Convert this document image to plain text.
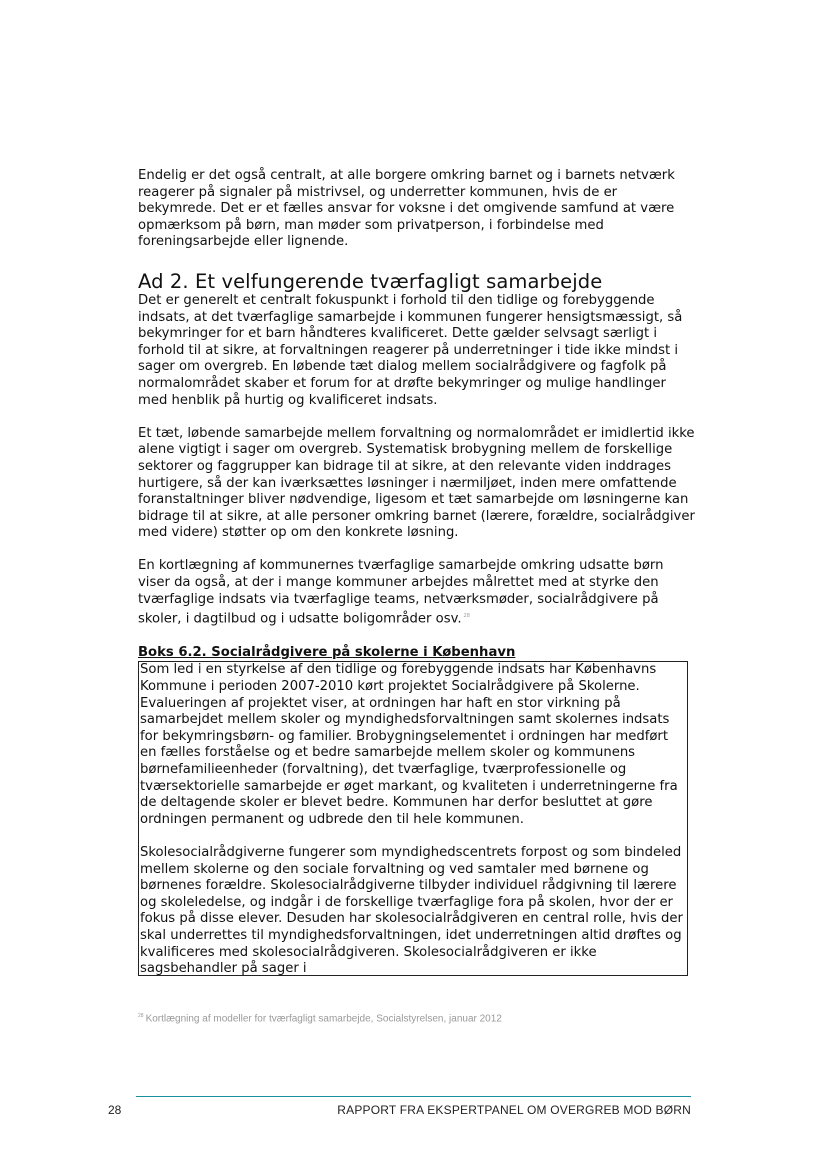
Endelig er det også centralt, at alle borgere omkring barnet og i barnets netværk reagerer på signaler på mistrivsel, og underretter kommunen, hvis de er bekymrede. Det er et fælles ansvar for voksne i det omgivende samfund at være opmærksom på børn, man møder som privatperson, i forbindelse med foreningsarbejde eller lignende.

Ad 2. Et velfungerende tværfagligt samarbejde

Det er generelt et centralt fokuspunkt i forhold til den tidlige og forebyggende indsats, at det tværfaglige samarbejde i kommunen fungerer hensigtsmæssigt, så bekymringer for et barn håndteres kvalificeret. Dette gælder selvsagt særligt i forhold til at sikre, at forvaltningen reagerer på underretninger i tide ikke mindst i sager om overgreb. En løbende tæt dialog mellem socialrådgivere og fagfolk på normalområdet skaber et forum for at drøfte bekymringer og mulige handlinger med henblik på hurtig og kvalificeret indsats.

Et tæt, løbende samarbejde mellem forvaltning og normalområdet er imidlertid ikke alene vigtigt i sager om overgreb. Systematisk brobygning mellem de forskellige sektorer og faggrupper kan bidrage til at sikre, at den relevante viden inddrages hurtigere, så der kan iværksættes løsninger i nærmiljøet, inden mere omfattende foranstaltninger bliver nødvendige, ligesom et tæt samarbejde om løsningerne kan bidrage til at sikre, at alle personer omkring barnet (lærere, forældre, socialrådgiver med videre) støtter op om den konkrete løsning.

En kortlægning af kommunernes tværfaglige samarbejde omkring udsatte børn viser da også, at der i mange kommuner arbejdes målrettet med at styrke den tværfaglige indsats via tværfaglige teams, netværksmøder, socialrådgivere på skoler, i dagtilbud og i udsatte boligområder osv. $^{28}$

Boks 6.2. Socialrådgivere på skolerne i København

Som led i en styrkelse af den tidlige og forebyggende indsats har Københavns Kommune i perioden 2007-2010 kørt projektet Socialrådgivere på Skolerne. Evalueringen af projektet viser, at ordningen har haft en stor virkning på samarbejdet mellem skoler og myndighedsforvaltningen samt skolernes indsats for bekymringsbørn- og familier. Brobygningselementet i ordningen har medført en fælles forståelse og et bedre samarbejde mellem skoler og kommunens børnefamilieenheder (forvaltning), det tværfaglige, tværprofessionelle og tværsektorielle samarbejde er øget markant, og kvaliteten i underretningerne fra de deltagende skoler er blevet bedre. Kommunen har derfor besluttet at gøre ordningen permanent og udbrede den til hele kommunen.

Skolesocialrådgiverne fungerer som myndighedscentrets forpost og som bindeled mellem skolerne og den sociale forvaltning og ved samtaler med børnene og børnenes forældre. Skolesocialrådgiverne tilbyder individuel rådgivning til lærere og skoleledelse, og indgår i de forskellige tværfaglige fora på skolen, hvor der er fokus på disse elever. Desuden har skolesocialrådgiveren en central rolle, hvis der skal underrettes til myndighedsforvaltningen, idet underretningen altid drøftes og kvalificeres med skolesocialrådgiveren. Skolesocialrådgiveren er ikke sagsbehandler på sager i

$^{28}$ Kortlægning af modeller for tværfagligt samarbejde, Socialstyrelsen, januar 2012
28	RAPPORT FRA EKSPERTPANEL OM OVERGREB MOD BØRN
